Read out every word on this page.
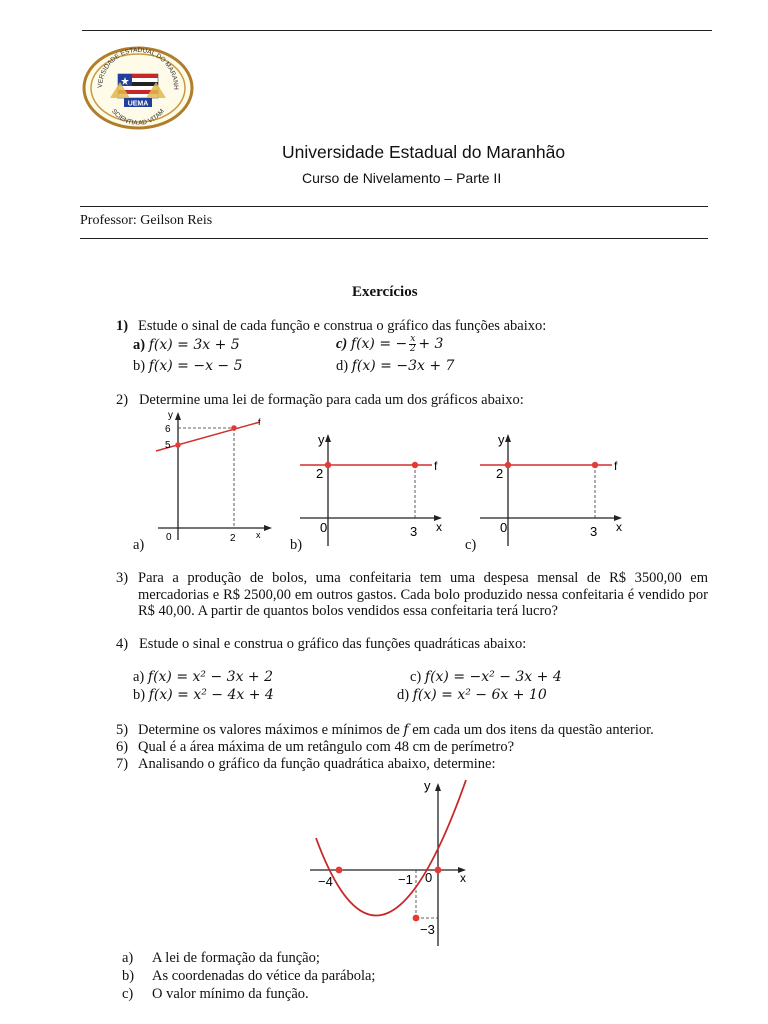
VERSIDADE ESTADUAL DO MARANH
SCIENTIA AD VITAM
UEMA
Universidade Estadual do Maranhão
Curso de Nivelamento – Parte II
Professor: Geilson Reis
Exercícios
1) Estude o sinal de cada função e construa o gráfico das funções abaixo:
a) f(x) = 3x + 5	c) f(x) = − $\frac{x}{2} + 3$
b) f(x) = −x − 5	d) f(x) = −3x + 7
2)   Determine uma lei de formação para cada um dos gráficos abaixo:
y
6
5
f
0	2 x
a)
y
2	f
0	3 x
b)
y
2	f
0	3 x
c)
3) Para a produção de bolos, uma confeitaria tem uma despesa mensal de R$ 3500,00 em mercadorias e R$ 2500,00 em outros gastos. Cada bolo produzido nessa confeitaria é vendido por R$ 40,00. A partir de quantos bolos vendidos essa confeitaria terá lucro?
4)   Estude o sinal e construa o gráfico das funções quadráticas abaixo:
a) f(x) = x² − 3x + 2	c) f(x) = −x² − 3x + 4
b) f(x) = x² − 4x + 4	d) f(x) = x² − 6x + 10
5) Determine os valores máximos e mínimos de f em cada um dos itens da questão anterior.
6) Qual é a área máxima de um retângulo com 48 cm de perímetro?
7) Analisando o gráfico da função quadrática abaixo, determine:
y
x
−4	−1 0
−3
a) A lei de formação da função;
b) As coordenadas do vétice da parábola;
c) O valor mínimo da função.
